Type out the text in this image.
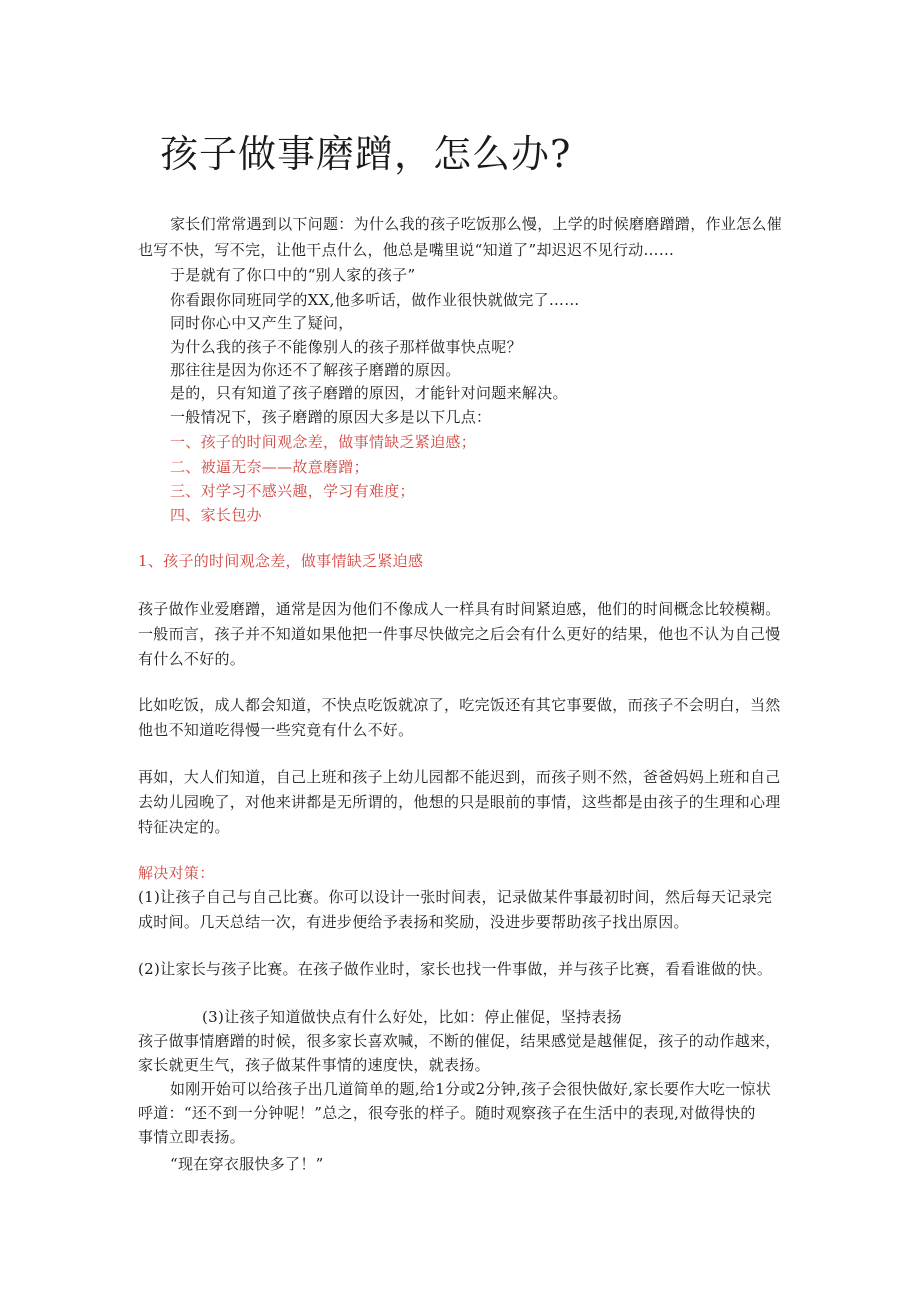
孩子做事磨蹭，怎么办?

家长们常常遇到以下问题：为什么我的孩子吃饭那么慢，上学的时候磨磨蹭蹭，作业怎么催

也写不快，写不完，让他干点什么，他总是嘴里说“知道了”却迟迟不见行动……

于是就有了你口中的“别人家的孩子”

你看跟你同班同学的XX,他多听话，做作业很快就做完了……

同时你心中又产生了疑问，

为什么我的孩子不能像别人的孩子那样做事快点呢？

那往往是因为你还不了解孩子磨蹭的原因。

是的，只有知道了孩子磨蹭的原因，才能针对问题来解决。

一般情况下，孩子磨蹭的原因大多是以下几点：

一、孩子的时间观念差，做事情缺乏紧迫感；

二、被逼无奈——故意磨蹭；

三、对学习不感兴趣，学习有难度；

四、家长包办

1、孩子的时间观念差，做事情缺乏紧迫感

孩子做作业爱磨蹭，通常是因为他们不像成人一样具有时间紧迫感，他们的时间概念比较模糊。

一般而言，孩子并不知道如果他把一件事尽快做完之后会有什么更好的结果，他也不认为自己慢

有什么不好的。

比如吃饭，成人都会知道，不快点吃饭就凉了，吃完饭还有其它事要做，而孩子不会明白，当然

他也不知道吃得慢一些究竟有什么不好。

再如，大人们知道，自己上班和孩子上幼儿园都不能迟到，而孩子则不然，爸爸妈妈上班和自己

去幼儿园晚了，对他来讲都是无所谓的，他想的只是眼前的事情，这些都是由孩子的生理和心理

特征决定的。

解决对策：

(1)让孩子自己与自己比赛。你可以设计一张时间表，记录做某件事最初时间，然后每天记录完

成时间。几天总结一次，有进步便给予表扬和奖励，没进步要帮助孩子找出原因。

(2)让家长与孩子比赛。在孩子做作业时，家长也找一件事做，并与孩子比赛，看看谁做的快。

(3)让孩子知道做快点有什么好处，比如：停止催促，坚持表扬

孩子做事情磨蹭的时候，很多家长喜欢喊，不断的催促，结果感觉是越催促，孩子的动作越来，

家长就更生气，孩子做某件事情的速度快，就表扬。

如刚开始可以给孩子出几道简单的题,给1分或2分钟,孩子会很快做好,家长要作大吃一惊状

呼道：“还不到一分钟呢！”总之，很夸张的样子。随时观察孩子在生活中的表现,对做得快的

事情立即表扬。

“现在穿衣服快多了！”
